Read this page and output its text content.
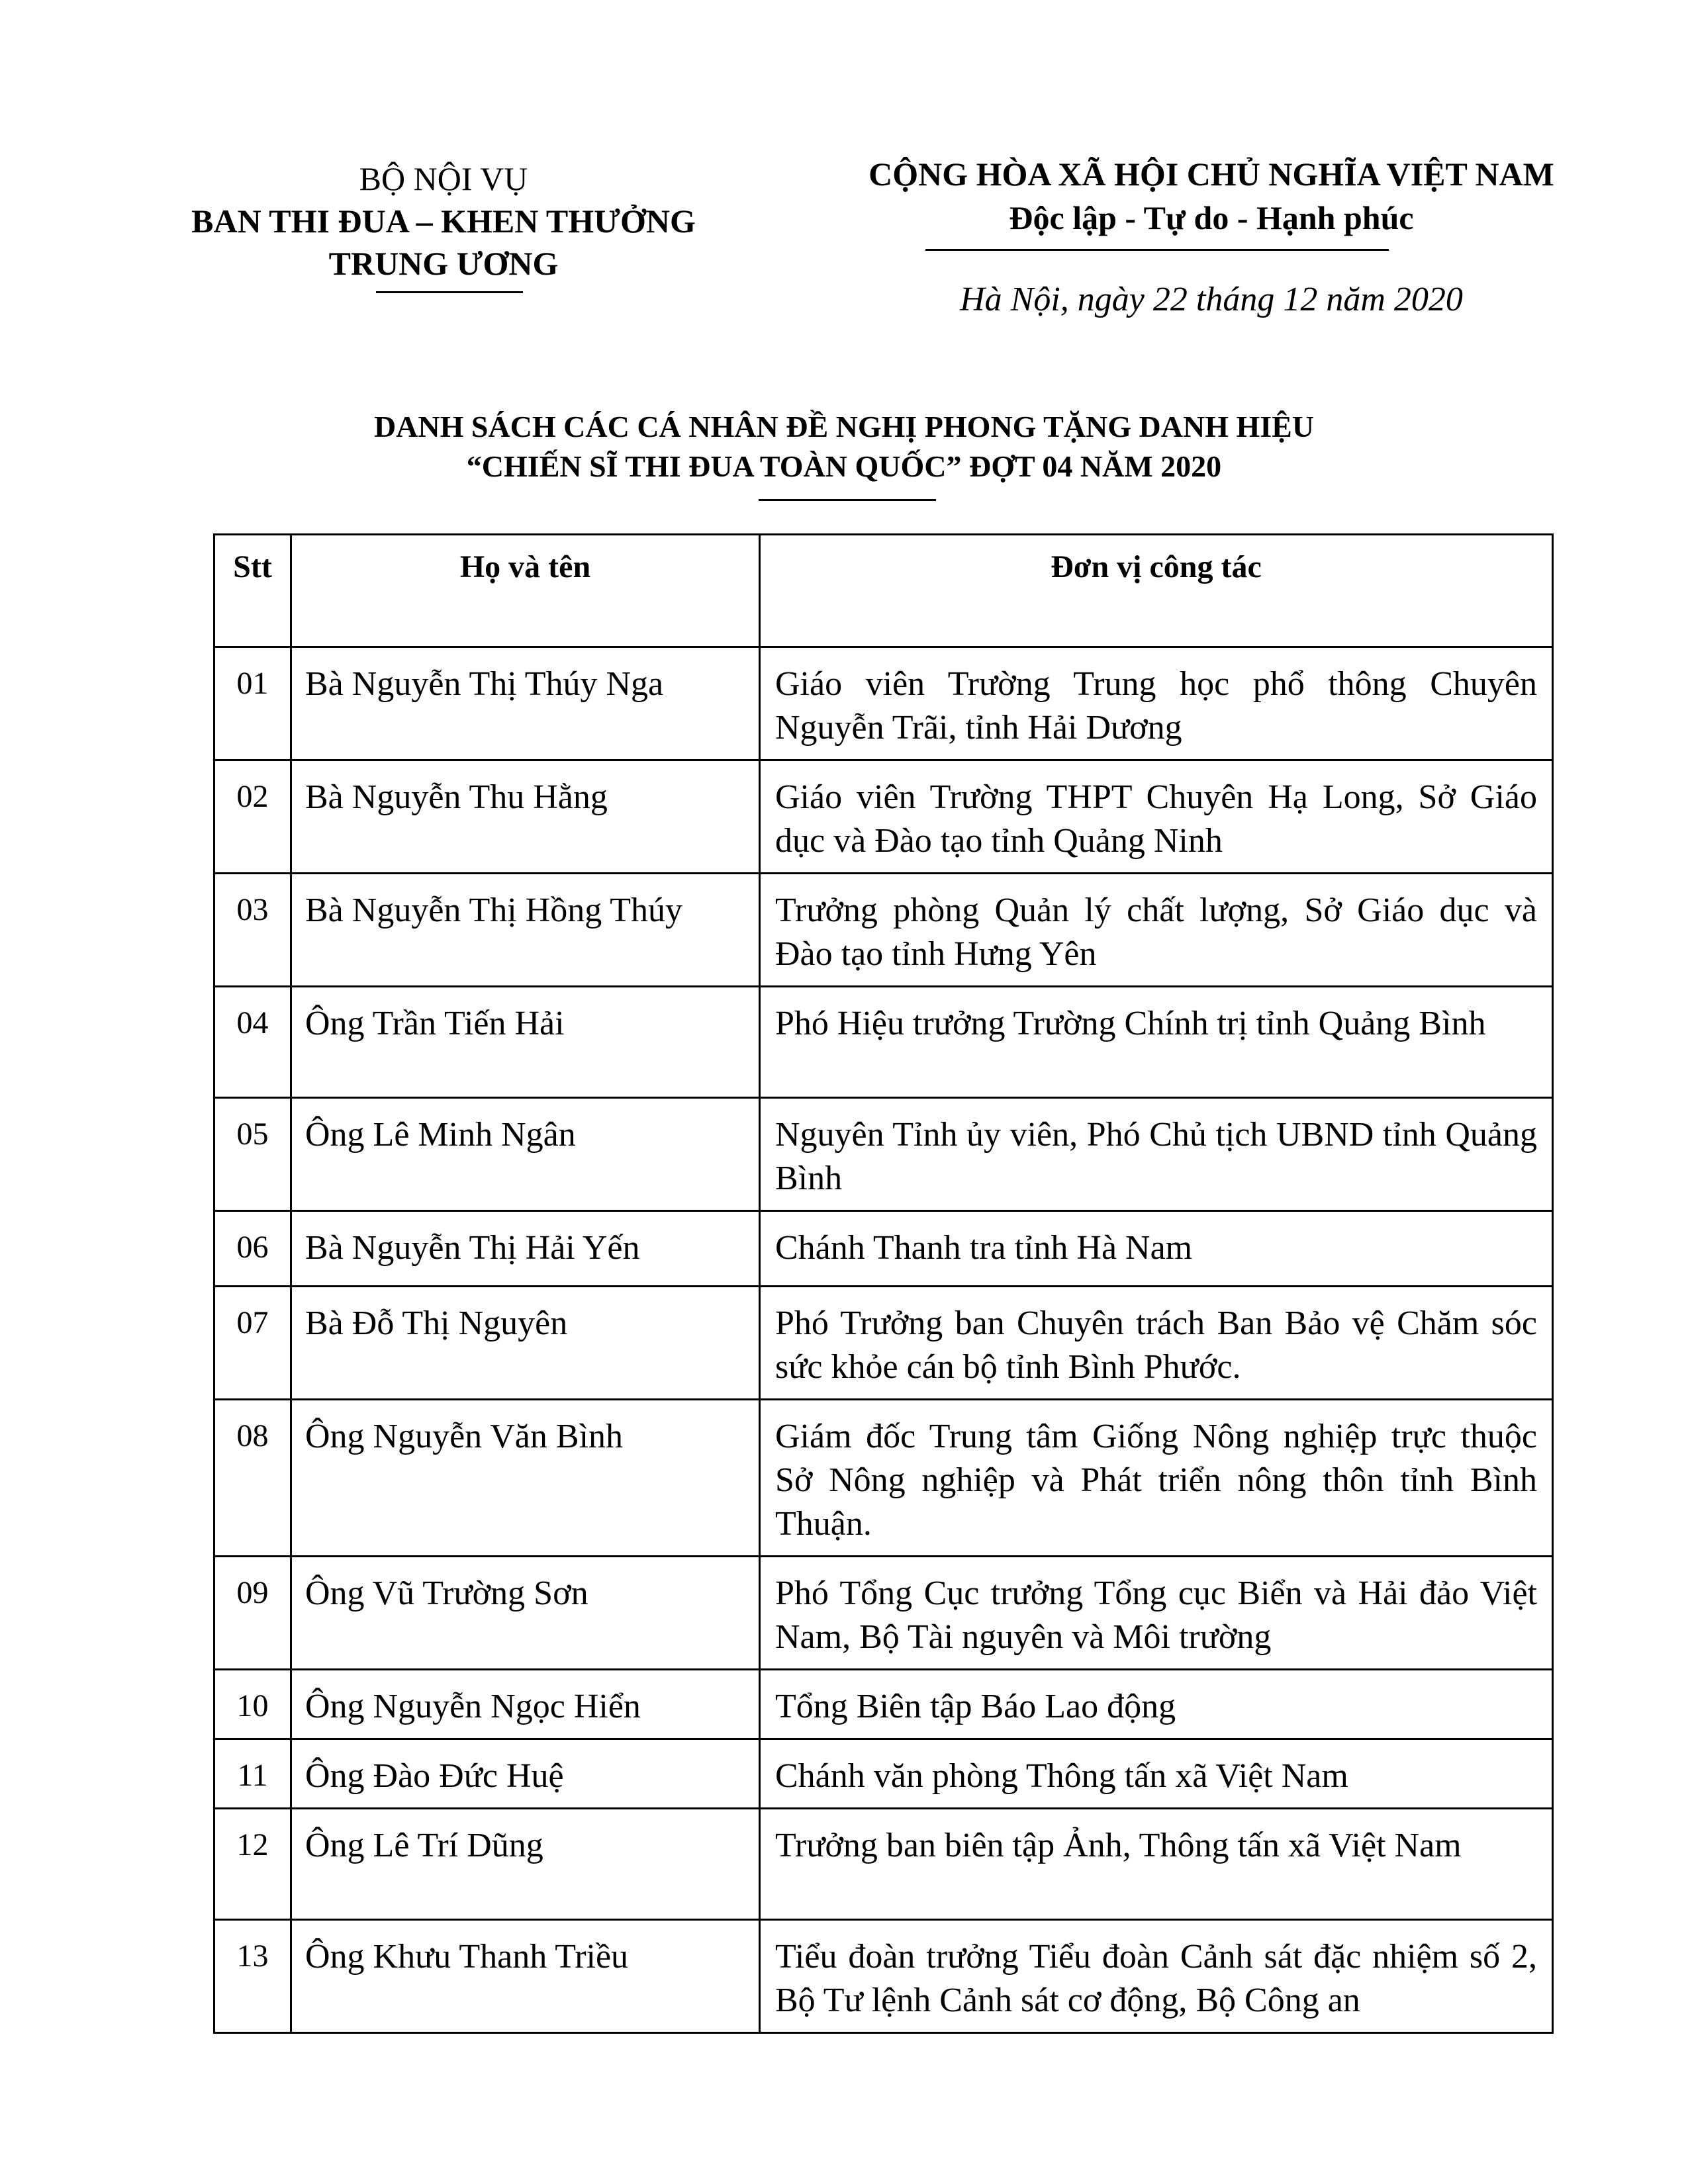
BỘ NỘI VỤ
BAN THI ĐUA – KHEN THƯỞNG
TRUNG ƯƠNG
CỘNG HÒA XÃ HỘI CHỦ NGHĨA VIỆT NAM
Độc lập - Tự do - Hạnh phúc
Hà Nội, ngày 22 tháng 12 năm 2020
DANH SÁCH CÁC CÁ NHÂN ĐỀ NGHỊ PHONG TẶNG DANH HIỆU
“CHIẾN SĨ THI ĐUA TOÀN QUỐC” ĐỢT 04 NĂM 2020
Stt	Họ và tên	Đơn vị công tác
01	Bà Nguyễn Thị Thúy Nga	Giáo viên Trường Trung học phổ thông Chuyên Nguyễn Trãi, tỉnh Hải Dương
02	Bà Nguyễn Thu Hằng	Giáo viên Trường THPT Chuyên Hạ Long, Sở Giáo dục và Đào tạo tỉnh Quảng Ninh
03	Bà Nguyễn Thị Hồng Thúy	Trưởng phòng Quản lý chất lượng, Sở Giáo dục và Đào tạo tỉnh Hưng Yên
04	Ông Trần Tiến Hải	Phó Hiệu trưởng Trường Chính trị tỉnh Quảng Bình
05	Ông Lê Minh Ngân	Nguyên Tỉnh ủy viên, Phó Chủ tịch UBND tỉnh Quảng Bình
06	Bà Nguyễn Thị Hải Yến	Chánh Thanh tra tỉnh Hà Nam
07	Bà Đỗ Thị Nguyên	Phó Trưởng ban Chuyên trách Ban Bảo vệ Chăm sóc sức khỏe cán bộ tỉnh Bình Phước.
08	Ông Nguyễn Văn Bình	Giám đốc Trung tâm Giống Nông nghiệp trực thuộc Sở Nông nghiệp và Phát triển nông thôn tỉnh Bình Thuận.
09	Ông Vũ Trường Sơn	Phó Tổng Cục trưởng Tổng cục Biển và Hải đảo Việt Nam, Bộ Tài nguyên và Môi trường
10	Ông Nguyễn Ngọc Hiển	Tổng Biên tập Báo Lao động
11	Ông Đào Đức Huệ	Chánh văn phòng Thông tấn xã Việt Nam
12	Ông Lê Trí Dũng	Trưởng ban biên tập Ảnh, Thông tấn xã Việt Nam
13	Ông Khưu Thanh Triều	Tiểu đoàn trưởng Tiểu đoàn Cảnh sát đặc nhiệm số 2, Bộ Tư lệnh Cảnh sát cơ động, Bộ Công an
